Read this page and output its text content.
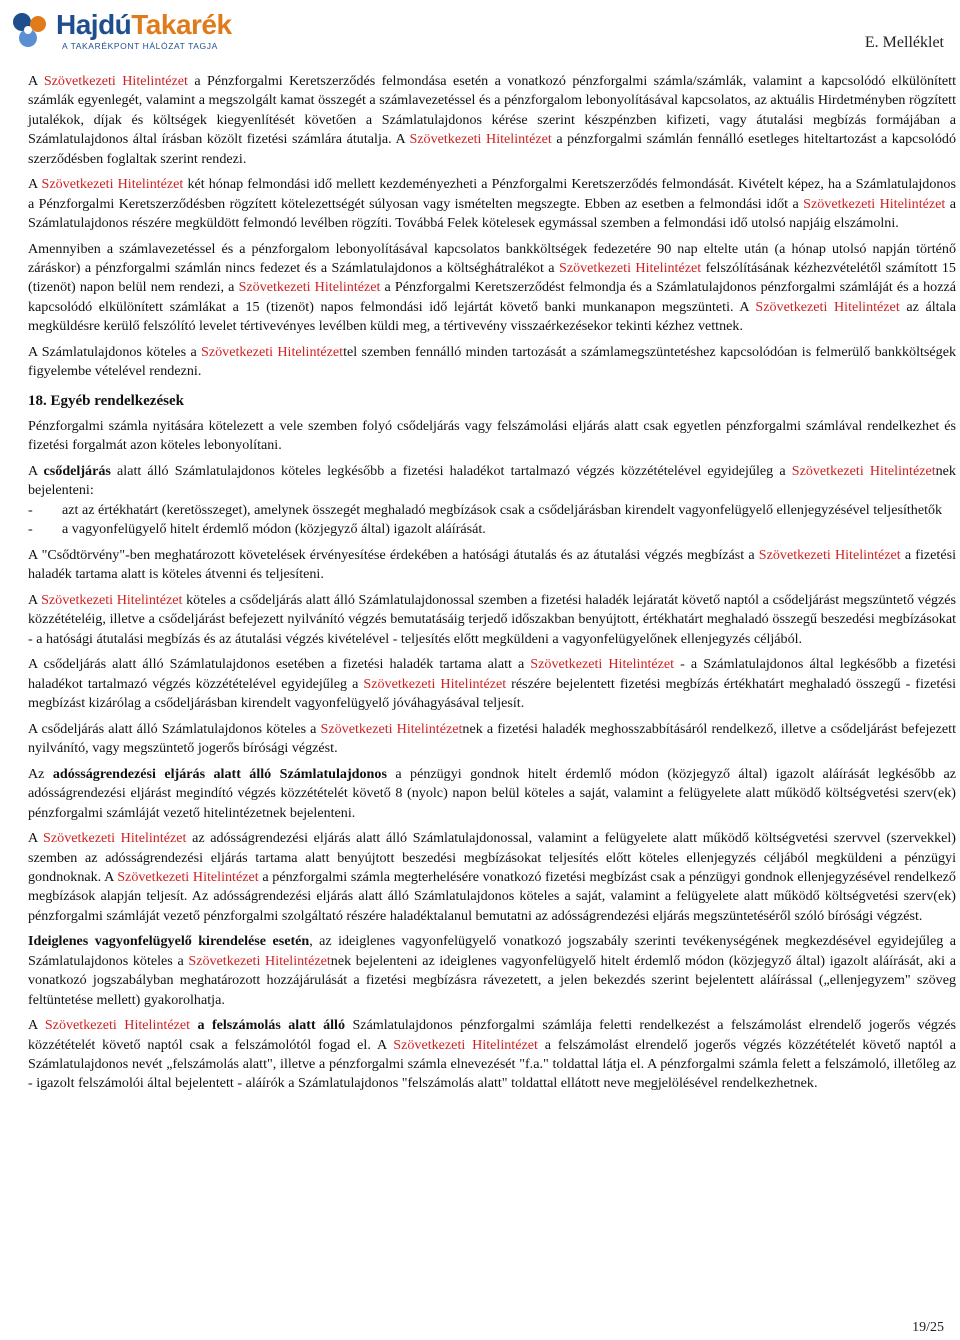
HajdúTakarék
A TAKARÉKPONT HÁLÓZAT TAGJA	E. Melléklet

A Szövetkezeti Hitelintézet a Pénzforgalmi Keretszerződés felmondása esetén a vonatkozó pénzforgalmi számla/számlák, valamint a kapcsolódó elkülönített számlák egyenlegét, valamint a megszolgált kamat összegét a számlavezetéssel és a pénzforgalom lebonyolításával kapcsolatos, az aktuális Hirdetményben rögzített jutalékok, díjak és költségek kiegyenlítését követően a Számlatulajdonos kérése szerint készpénzben kifizeti, vagy átutalási megbízás formájában a Számlatulajdonos által írásban közölt fizetési számlára átutalja. A Szövetkezeti Hitelintézet a pénzforgalmi számlán fennálló esetleges hiteltartozást a kapcsolódó szerződésben foglaltak szerint rendezi.

A Szövetkezeti Hitelintézet két hónap felmondási idő mellett kezdeményezheti a Pénzforgalmi Keretszerződés felmondását. Kivételt képez, ha a Számlatulajdonos a Pénzforgalmi Keretszerződésben rögzített kötelezettségét súlyosan vagy ismételten megszegte. Ebben az esetben a felmondási időt a Szövetkezeti Hitelintézet a Számlatulajdonos részére megküldött felmondó levélben rögzíti. Továbbá Felek kötelesek egymással szemben a felmondási idő utolsó napjáig elszámolni.

Amennyiben a számlavezetéssel és a pénzforgalom lebonyolításával kapcsolatos bankköltségek fedezetére 90 nap eltelte után (a hónap utolsó napján történő záráskor) a pénzforgalmi számlán nincs fedezet és a Számlatulajdonos a költséghátralékot a Szövetkezeti Hitelintézet felszólításának kézhezvételétől számított 15 (tizenöt) napon belül nem rendezi, a Szövetkezeti Hitelintézet a Pénzforgalmi Keretszerződést felmondja és a Számlatulajdonos pénzforgalmi számláját és a hozzá kapcsolódó elkülönített számlákat a 15 (tizenöt) napos felmondási idő lejártát követő banki munkanapon megszünteti. A Szövetkezeti Hitelintézet az általa megküldésre kerülő felszólító levelet tértivevényes levélben küldi meg, a tértivevény visszaérkezésekor tekinti kézhez vettnek.

A Számlatulajdonos köteles a Szövetkezeti Hitelintézettel szemben fennálló minden tartozását a számlamegszüntetéshez kapcsolódóan is felmerülő bankköltségek figyelembe vételével rendezni.

18. Egyéb rendelkezések

Pénzforgalmi számla nyitására kötelezett a vele szemben folyó csődeljárás vagy felszámolási eljárás alatt csak egyetlen pénzforgalmi számlával rendelkezhet és fizetési forgalmát azon köteles lebonyolítani.

A csődeljárás alatt álló Számlatulajdonos köteles legkésőbb a fizetési haladékot tartalmazó végzés közzétételével egyidejűleg a Szövetkezeti Hitelintézetnek bejelenteni:

- azt az értékhatárt (keretösszeget), amelynek összegét meghaladó megbízások csak a csődeljárásban kirendelt vagyonfelügyelő ellenjegyzésével teljesíthetők

- a vagyonfelügyelő hitelt érdemlő módon (közjegyző által) igazolt aláírását.

A "Csődtörvény"-ben meghatározott követelések érvényesítése érdekében a hatósági átutalás és az átutalási végzés megbízást a Szövetkezeti Hitelintézet a fizetési haladék tartama alatt is köteles átvenni és teljesíteni.

A Szövetkezeti Hitelintézet köteles a csődeljárás alatt álló Számlatulajdonossal szemben a fizetési haladék lejáratát követő naptól a csődeljárást megszüntető végzés közzétételéig, illetve a csődeljárást befejezett nyilvánító végzés bemutatásáig terjedő időszakban benyújtott, értékhatárt meghaladó összegű beszedési megbízásokat - a hatósági átutalási megbízás és az átutalási végzés kivételével - teljesítés előtt megküldeni a vagyonfelügyelőnek ellenjegyzés céljából.

A csődeljárás alatt álló Számlatulajdonos esetében a fizetési haladék tartama alatt a Szövetkezeti Hitelintézet - a Számlatulajdonos által legkésőbb a fizetési haladékot tartalmazó végzés közzétételével egyidejűleg a Szövetkezeti Hitelintézet részére bejelentett fizetési megbízás értékhatárt meghaladó összegű - fizetési megbízást kizárólag a csődeljárásban kirendelt vagyonfelügyelő jóváhagyásával teljesít.

A csődeljárás alatt álló Számlatulajdonos köteles a Szövetkezeti Hitelintézetnek a fizetési haladék meghosszabbításáról rendelkező, illetve a csődeljárást befejezett nyilvánító, vagy megszüntető jogerős bírósági végzést.

Az adósságrendezési eljárás alatt álló Számlatulajdonos a pénzügyi gondnok hitelt érdemlő módon (közjegyző által) igazolt aláírását legkésőbb az adósságrendezési eljárást megindító végzés közzétételét követő 8 (nyolc) napon belül köteles a saját, valamint a felügyelete alatt működő költségvetési szerv(ek) pénzforgalmi számláját vezető hitelintézetnek bejelenteni.

A Szövetkezeti Hitelintézet az adósságrendezési eljárás alatt álló Számlatulajdonossal, valamint a felügyelete alatt működő költségvetési szervvel (szervekkel) szemben az adósságrendezési eljárás tartama alatt benyújtott beszedési megbízásokat teljesítés előtt köteles ellenjegyzés céljából megküldeni a pénzügyi gondnoknak. A Szövetkezeti Hitelintézet a pénzforgalmi számla megterhelésére vonatkozó fizetési megbízást csak a pénzügyi gondnok ellenjegyzésével rendelkező megbízások alapján teljesít. Az adósságrendezési eljárás alatt álló Számlatulajdonos köteles a saját, valamint a felügyelete alatt működő költségvetési szerv(ek) pénzforgalmi számláját vezető pénzforgalmi szolgáltató részére haladéktalanul bemutatni az adósságrendezési eljárás megszüntetéséről szóló bírósági végzést.

Ideiglenes vagyonfelügyelő kirendelése esetén, az ideiglenes vagyonfelügyelő vonatkozó jogszabály szerinti tevékenységének megkezdésével egyidejűleg a Számlatulajdonos köteles a Szövetkezeti Hitelintézetnek bejelenteni az ideiglenes vagyonfelügyelő hitelt érdemlő módon (közjegyző által) igazolt aláírását, aki a vonatkozó jogszabályban meghatározott hozzájárulását a fizetési megbízásra rávezetett, a jelen bekezdés szerint bejelentett aláírással („ellenjegyzem" szöveg feltüntetése mellett) gyakorolhatja.

A Szövetkezeti Hitelintézet a felszámolás alatt álló Számlatulajdonos pénzforgalmi számlája feletti rendelkezést a felszámolást elrendelő jogerős végzés közzétételét követő naptól csak a felszámolótól fogad el. A Szövetkezeti Hitelintézet a felszámolást elrendelő jogerős végzés közzétételét követő naptól a Számlatulajdonos nevét „felszámolás alatt", illetve a pénzforgalmi számla elnevezését "f.a." toldattal látja el. A pénzforgalmi számla felett a felszámoló, illetőleg az - igazolt felszámolói által bejelentett - aláírók a Számlatulajdonos "felszámolás alatt" toldattal ellátott neve megjelölésével rendelkezhetnek.

19/25
